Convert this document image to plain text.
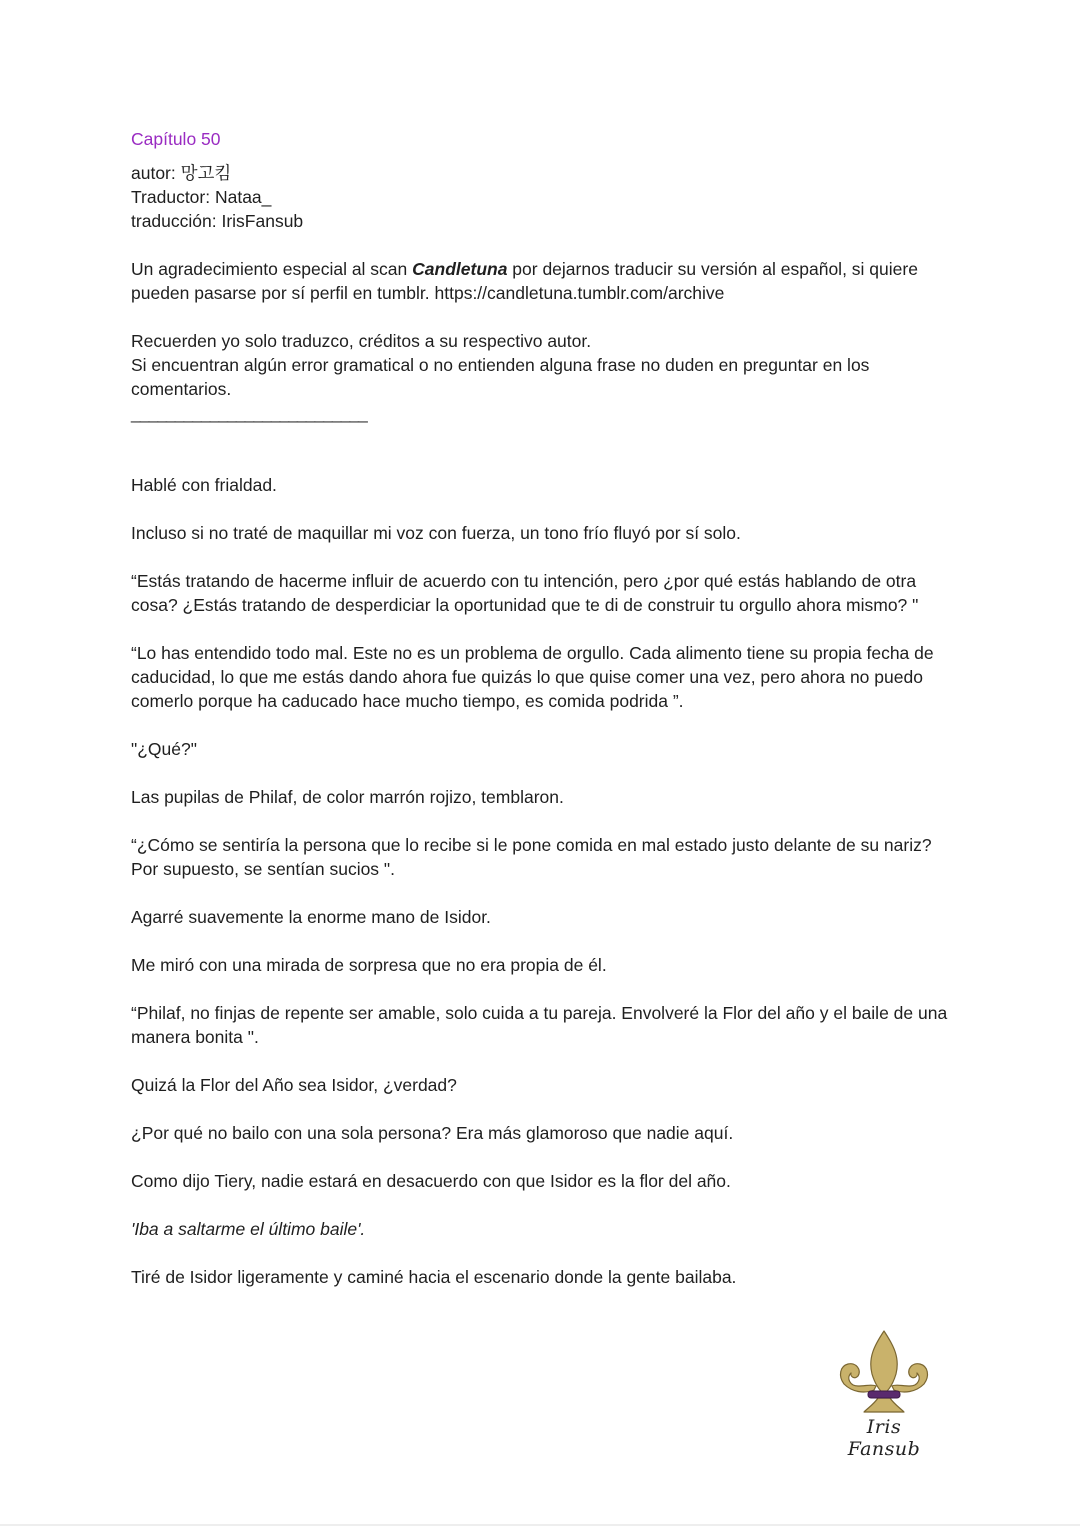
Capítulo 50

autor: 망고킴

Traductor: Nataa_

traducción: IrisFansub

Un agradecimiento especial al scan Candletuna por dejarnos traducir su versión al español, si quiere pueden pasarse por sí perfil en tumblr. https://candletuna.tumblr.com/archive

Recuerden yo solo traduzco, créditos a su respectivo autor.

Si encuentran algún error gramatical o no entienden alguna frase no duden en preguntar en los comentarios.

___________________________

Hablé con frialdad.

Incluso si no traté de maquillar mi voz con fuerza, un tono frío fluyó por sí solo.

“Estás tratando de hacerme influir de acuerdo con tu intención, pero ¿por qué estás hablando de otra cosa? ¿Estás tratando de desperdiciar la oportunidad que te di de construir tu orgullo ahora mismo? "

“Lo has entendido todo mal. Este no es un problema de orgullo. Cada alimento tiene su propia fecha de caducidad, lo que me estás dando ahora fue quizás lo que quise comer una vez, pero ahora no puedo comerlo porque ha caducado hace mucho tiempo, es comida podrida ”.

"¿Qué?"

Las pupilas de Philaf, de color marrón rojizo, temblaron.

“¿Cómo se sentiría la persona que lo recibe si le pone comida en mal estado justo delante de su nariz? Por supuesto, se sentían sucios ".

Agarré suavemente la enorme mano de Isidor.

Me miró con una mirada de sorpresa que no era propia de él.

“Philaf, no finjas de repente ser amable, solo cuida a tu pareja. Envolveré la Flor del año y el baile de una manera bonita ".

Quizá la Flor del Año sea Isidor, ¿verdad?

¿Por qué no bailo con una sola persona? Era más glamoroso que nadie aquí.

Como dijo Tiery, nadie estará en desacuerdo con que Isidor es la flor del año.

'Iba a saltarme el último baile'.

Tiré de Isidor ligeramente y caminé hacia el escenario donde la gente bailaba.

Iris Fansub
